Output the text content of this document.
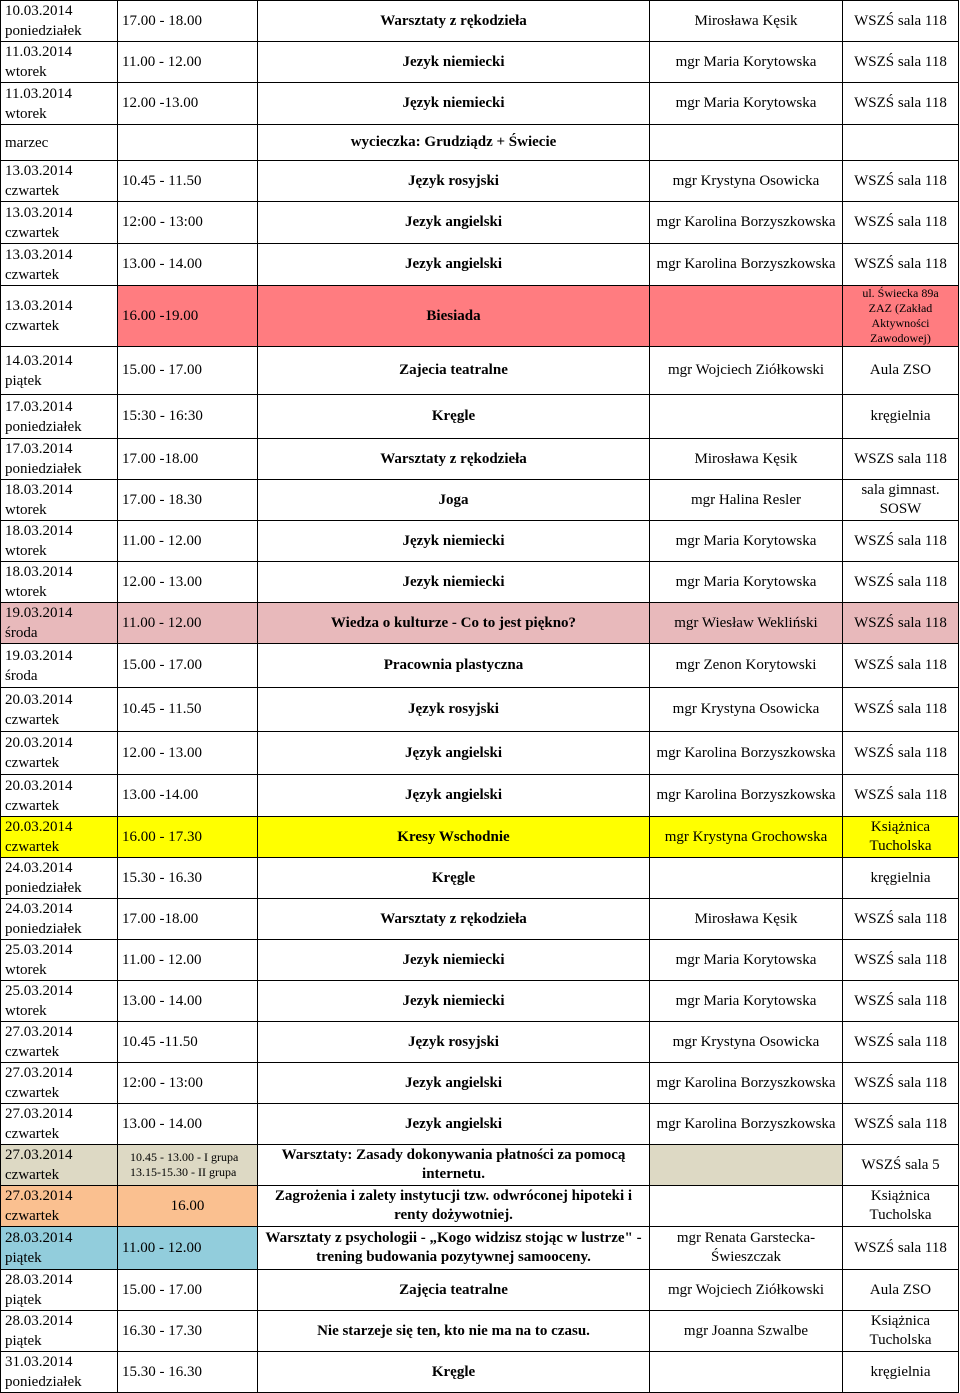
10.03.2014
poniedziałek	17.00 - 18.00	Warsztaty z rękodzieła	Mirosława Kęsik	WSZŚ sala 118
11.03.2014
wtorek	11.00 - 12.00	Jezyk niemiecki	mgr Maria Korytowska	WSZŚ sala 118
11.03.2014
wtorek	12.00 -13.00	Język niemiecki	mgr Maria Korytowska	WSZŚ sala 118
marzec		wycieczka: Grudziądz + Świecie		
13.03.2014
czwartek	10.45 - 11.50	Język rosyjski	mgr Krystyna Osowicka	WSZŚ sala 118
13.03.2014
czwartek	12:00 - 13:00	Jezyk angielski	mgr Karolina Borzyszkowska	WSZŚ sala 118
13.03.2014
czwartek	13.00 - 14.00	Jezyk angielski	mgr Karolina Borzyszkowska	WSZŚ sala 118
13.03.2014
czwartek	16.00 -19.00	Biesiada		ul. Świecka 89a
ZAZ (Zakład
Aktywności
Zawodowej)

14.03.2014
piątek	15.00 - 17.00	Zajecia teatralne	mgr Wojciech Ziółkowski	Aula ZSO
17.03.2014
poniedziałek	15:30 - 16:30	Kręgle		kręgielnia
17.03.2014
poniedziałek	17.00 -18.00	Warsztaty z rękodzieła	Mirosława Kęsik	WSZS sala 118
18.03.2014
wtorek	17.00 - 18.30	Joga	mgr Halina Resler	sala gimnast. SOSW
18.03.2014
wtorek	11.00 - 12.00	Język niemiecki	mgr Maria Korytowska	WSZŚ sala 118
18.03.2014
wtorek	12.00 - 13.00	Jezyk niemiecki	mgr Maria Korytowska	WSZŚ sala 118
19.03.2014
środa	11.00 - 12.00	Wiedza o kulturze - Co to jest piękno?	mgr Wiesław Wekliński	WSZŚ sala 118
19.03.2014
środa	15.00 - 17.00	Pracownia plastyczna	mgr Zenon Korytowski	WSZŚ sala 118
20.03.2014
czwartek	10.45 - 11.50	Język rosyjski	mgr Krystyna Osowicka	WSZŚ sala 118
20.03.2014
czwartek	12.00 - 13.00	Język angielski	mgr Karolina Borzyszkowska	WSZŚ sala 118
20.03.2014
czwartek	13.00 -14.00	Język angielski	mgr Karolina Borzyszkowska	WSZŚ sala 118
20.03.2014
czwartek	16.00 - 17.30	Kresy Wschodnie	mgr Krystyna Grochowska	Książnica Tucholska
24.03.2014
poniedziałek	15.30 - 16.30	Kręgle		kręgielnia
24.03.2014
poniedziałek	17.00 -18.00	Warsztaty z rękodzieła	Mirosława Kęsik	WSZŚ sala 118
25.03.2014
wtorek	11.00 - 12.00	Jezyk niemiecki	mgr Maria Korytowska	WSZŚ sala 118
25.03.2014
wtorek	13.00 - 14.00	Jezyk niemiecki	mgr Maria Korytowska	WSZŚ sala 118
27.03.2014
czwartek	10.45 -11.50	Język rosyjski	mgr Krystyna Osowicka	WSZŚ sala 118
27.03.2014
czwartek	12:00 - 13:00	Jezyk angielski	mgr Karolina Borzyszkowska	WSZŚ sala 118
27.03.2014
czwartek	13.00 - 14.00	Jezyk angielski	mgr Karolina Borzyszkowska	WSZŚ sala 118
27.03.2014
czwartek	10.45 - 13.00 - I grupa
13.15-15.30 - II grupa	Warsztaty: Zasady dokonywania płatności za pomocą internetu.		WSZŚ sala 5
27.03.2014
czwartek	16.00	Zagrożenia i zalety instytucji tzw. odwróconej hipoteki i renty dożywotniej.		Książnica Tucholska
28.03.2014
piątek	11.00 - 12.00	Warsztaty z psychologii - „Kogo widzisz stojąc w lustrze" - trening budowania pozytywnej samooceny.	mgr Renata Garstecka-Świeszczak	WSZŚ sala 118
28.03.2014
piątek	15.00 - 17.00	Zajęcia teatralne	mgr Wojciech Ziółkowski	Aula ZSO
28.03.2014
piątek	16.30 - 17.30	Nie starzeje się ten, kto nie ma na to czasu.	mgr Joanna Szwalbe	Książnica Tucholska
31.03.2014
poniedziałek	15.30 - 16.30	Kręgle		kręgielnia
